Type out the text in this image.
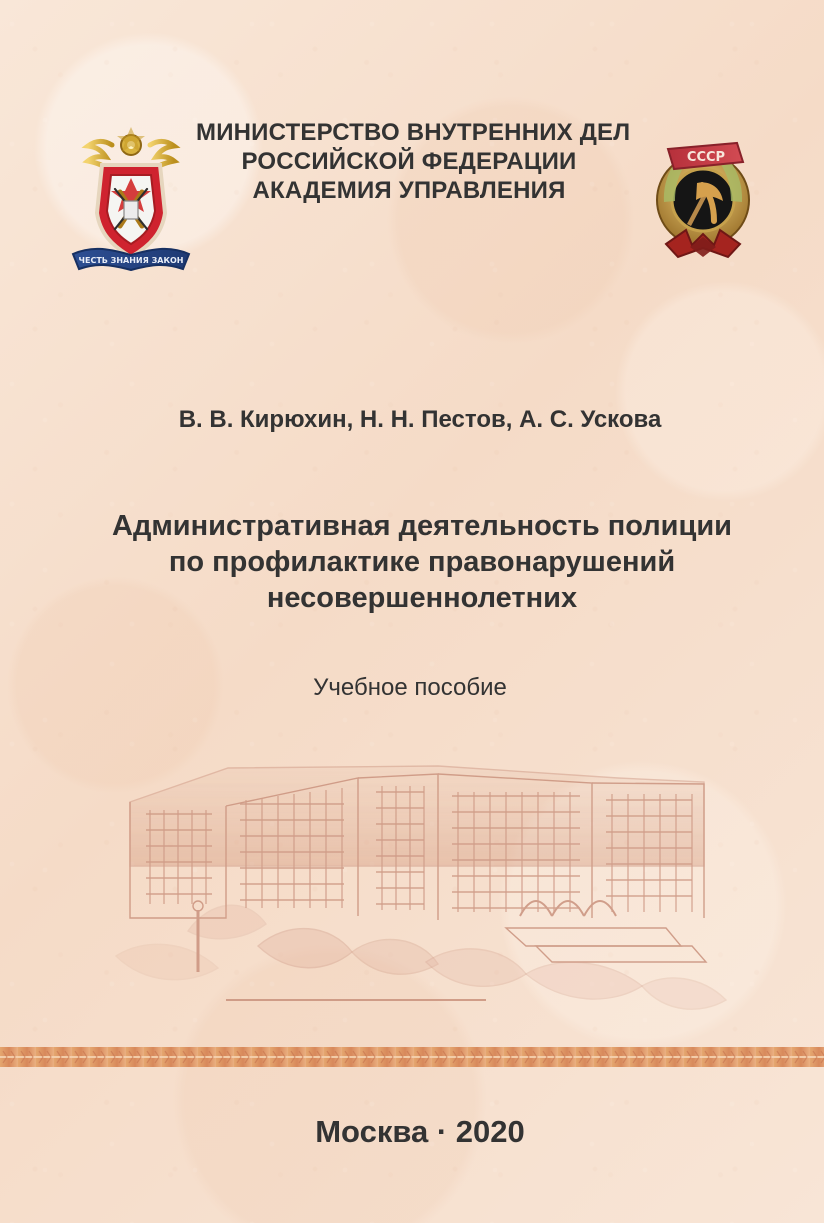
ЧЕСТЬ ЗНАНИЯ ЗАКОН
МИНИСТЕРСТВО ВНУТРЕННИХ ДЕЛ
РОССИЙСКОЙ ФЕДЕРАЦИИ
АКАДЕМИЯ УПРАВЛЕНИЯ
СССР
В. В. Кирюхин, Н. Н. Пестов, А. С. Ускова
Административная деятельность полиции
по профилактике правонарушений
несовершеннолетних
Учебное пособие
Москва · 2020
